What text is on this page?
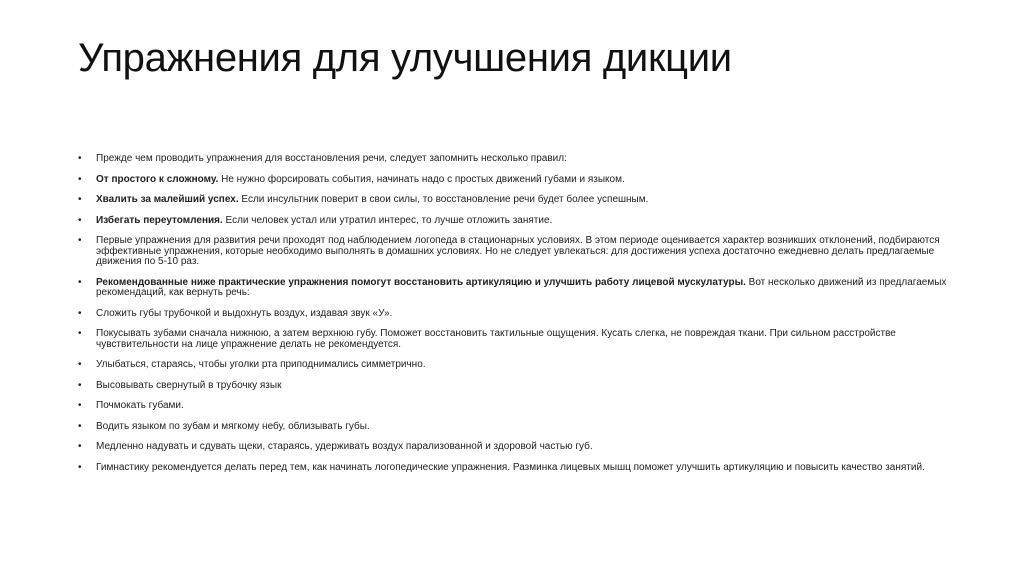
Упражнения для улучшения дикции
• Прежде чем проводить упражнения для восстановления речи, следует запомнить несколько правил:
• От простого к сложному. Не нужно форсировать события, начинать надо с простых движений губами и языком.
• Хвалить за малейший успех. Если инсультник поверит в свои силы, то восстановление речи будет более успешным.
• Избегать переутомления. Если человек устал или утратил интерес, то лучше отложить занятие.
• Первые упражнения для развития речи проходят под наблюдением логопеда в стационарных условиях. В этом периоде оценивается характер возникших отклонений, подбираются эффективные упражнения, которые необходимо выполнять в домашних условиях. Но не следует увлекаться: для достижения успеха достаточно ежедневно делать предлагаемые движения по 5-10 раз.
• Рекомендованные ниже практические упражнения помогут восстановить артикуляцию и улучшить работу лицевой мускулатуры. Вот несколько движений из предлагаемых рекомендаций, как вернуть речь:
• Сложить губы трубочкой и выдохнуть воздух, издавая звук «У».
• Покусывать зубами сначала нижнюю, а затем верхнюю губу. Поможет восстановить тактильные ощущения. Кусать слегка, не повреждая ткани. При сильном расстройстве чувствительности на лице упражнение делать не рекомендуется.
• Улыбаться, стараясь, чтобы уголки рта приподнимались симметрично.
• Высовывать свернутый в трубочку язык
• Почмокать губами.
• Водить языком по зубам и мягкому небу, облизывать губы.
• Медленно надувать и сдувать щеки, стараясь, удерживать воздух парализованной и здоровой частью губ.
• Гимнастику рекомендуется делать перед тем, как начинать логопедические упражнения. Разминка лицевых мышц поможет улучшить артикуляцию и повысить качество занятий.
